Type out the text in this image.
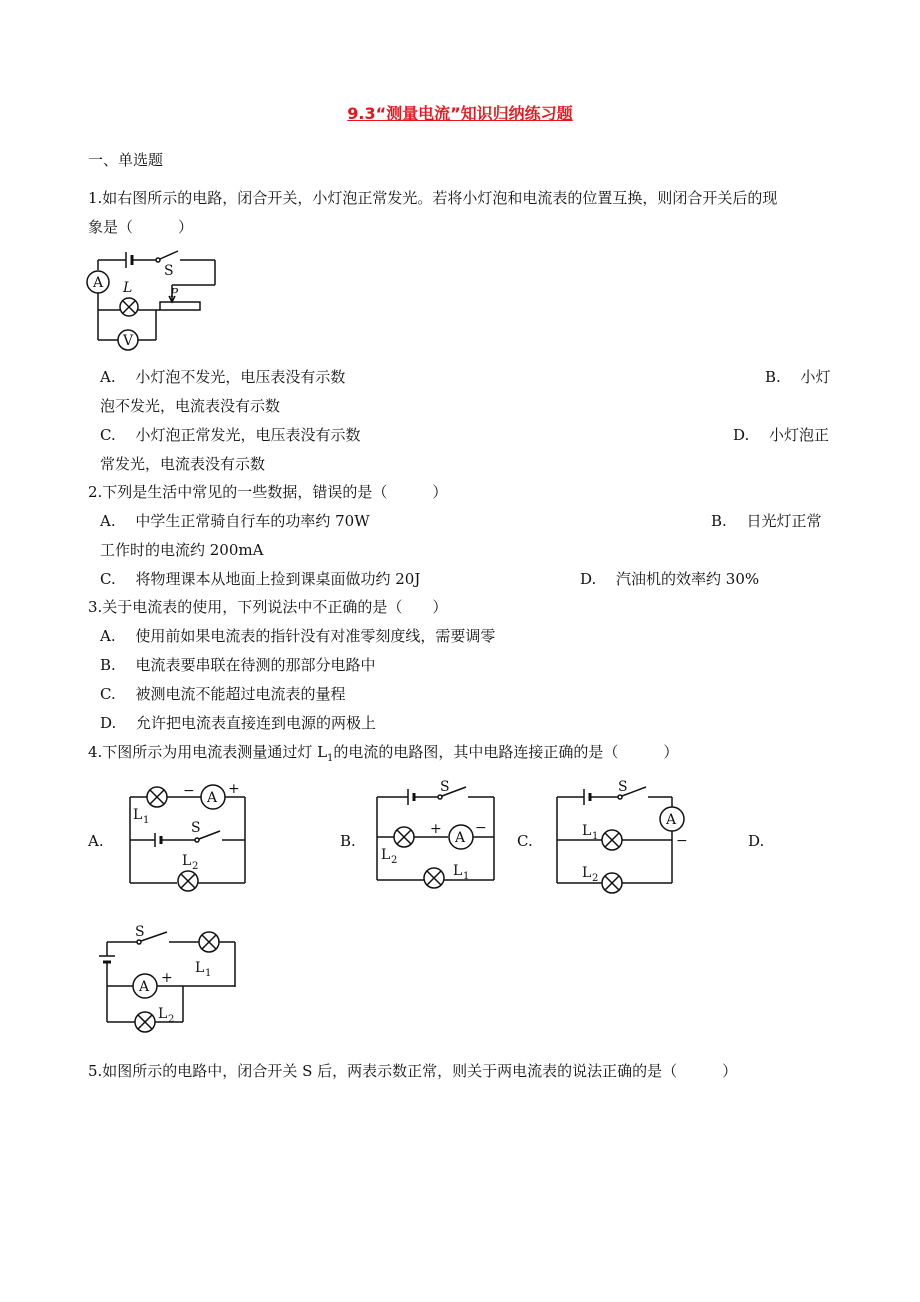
9.3“测量电流”知识归纳练习题
一、单选题
1.如右图所示的电路，闭合开关，小灯泡正常发光。若将小灯泡和电流表的位置互换，则闭合开关后的现
象是（　　　）
S
A L	P
V
A.　 小灯泡不发光，电压表没有示数	B.　 小灯
泡不发光，电流表没有示数
C.　 小灯泡正常发光，电压表没有示数	D.　 小灯泡正
常发光，电流表没有示数
2.下列是生活中常见的一些数据，错误的是（　　　）
A.　 中学生正常骑自行车的功率约 70W	B.　 日光灯正常
工作时的电流约 200mA
C.　 将物理课本从地面上捡到课桌面做功约 20J	D.　 汽油机的效率约 30%
3.关于电流表的使用，下列说法中不正确的是（　　）
A.　 使用前如果电流表的指针没有对准零刻度线，需要调零
B.　 电流表要串联在待测的那部分电路中
C.　 被测电流不能超过电流表的量程
D.　 允许把电流表直接连到电源的两极上
4.下图所示为用电流表测量通过灯 $L_1$的电流的电路图，其中电路连接正确的是（　　　）
A.	B.	C.	D.
− A
+
L 1	S
L 2
S
+
A
−
L 2
L 1
S
A
−
L 1
L 2
S
L 1
A
+
L 2
5.如图所示的电路中，闭合开关 S 后，两表示数正常，则关于两电流表的说法正确的是（　　　）
